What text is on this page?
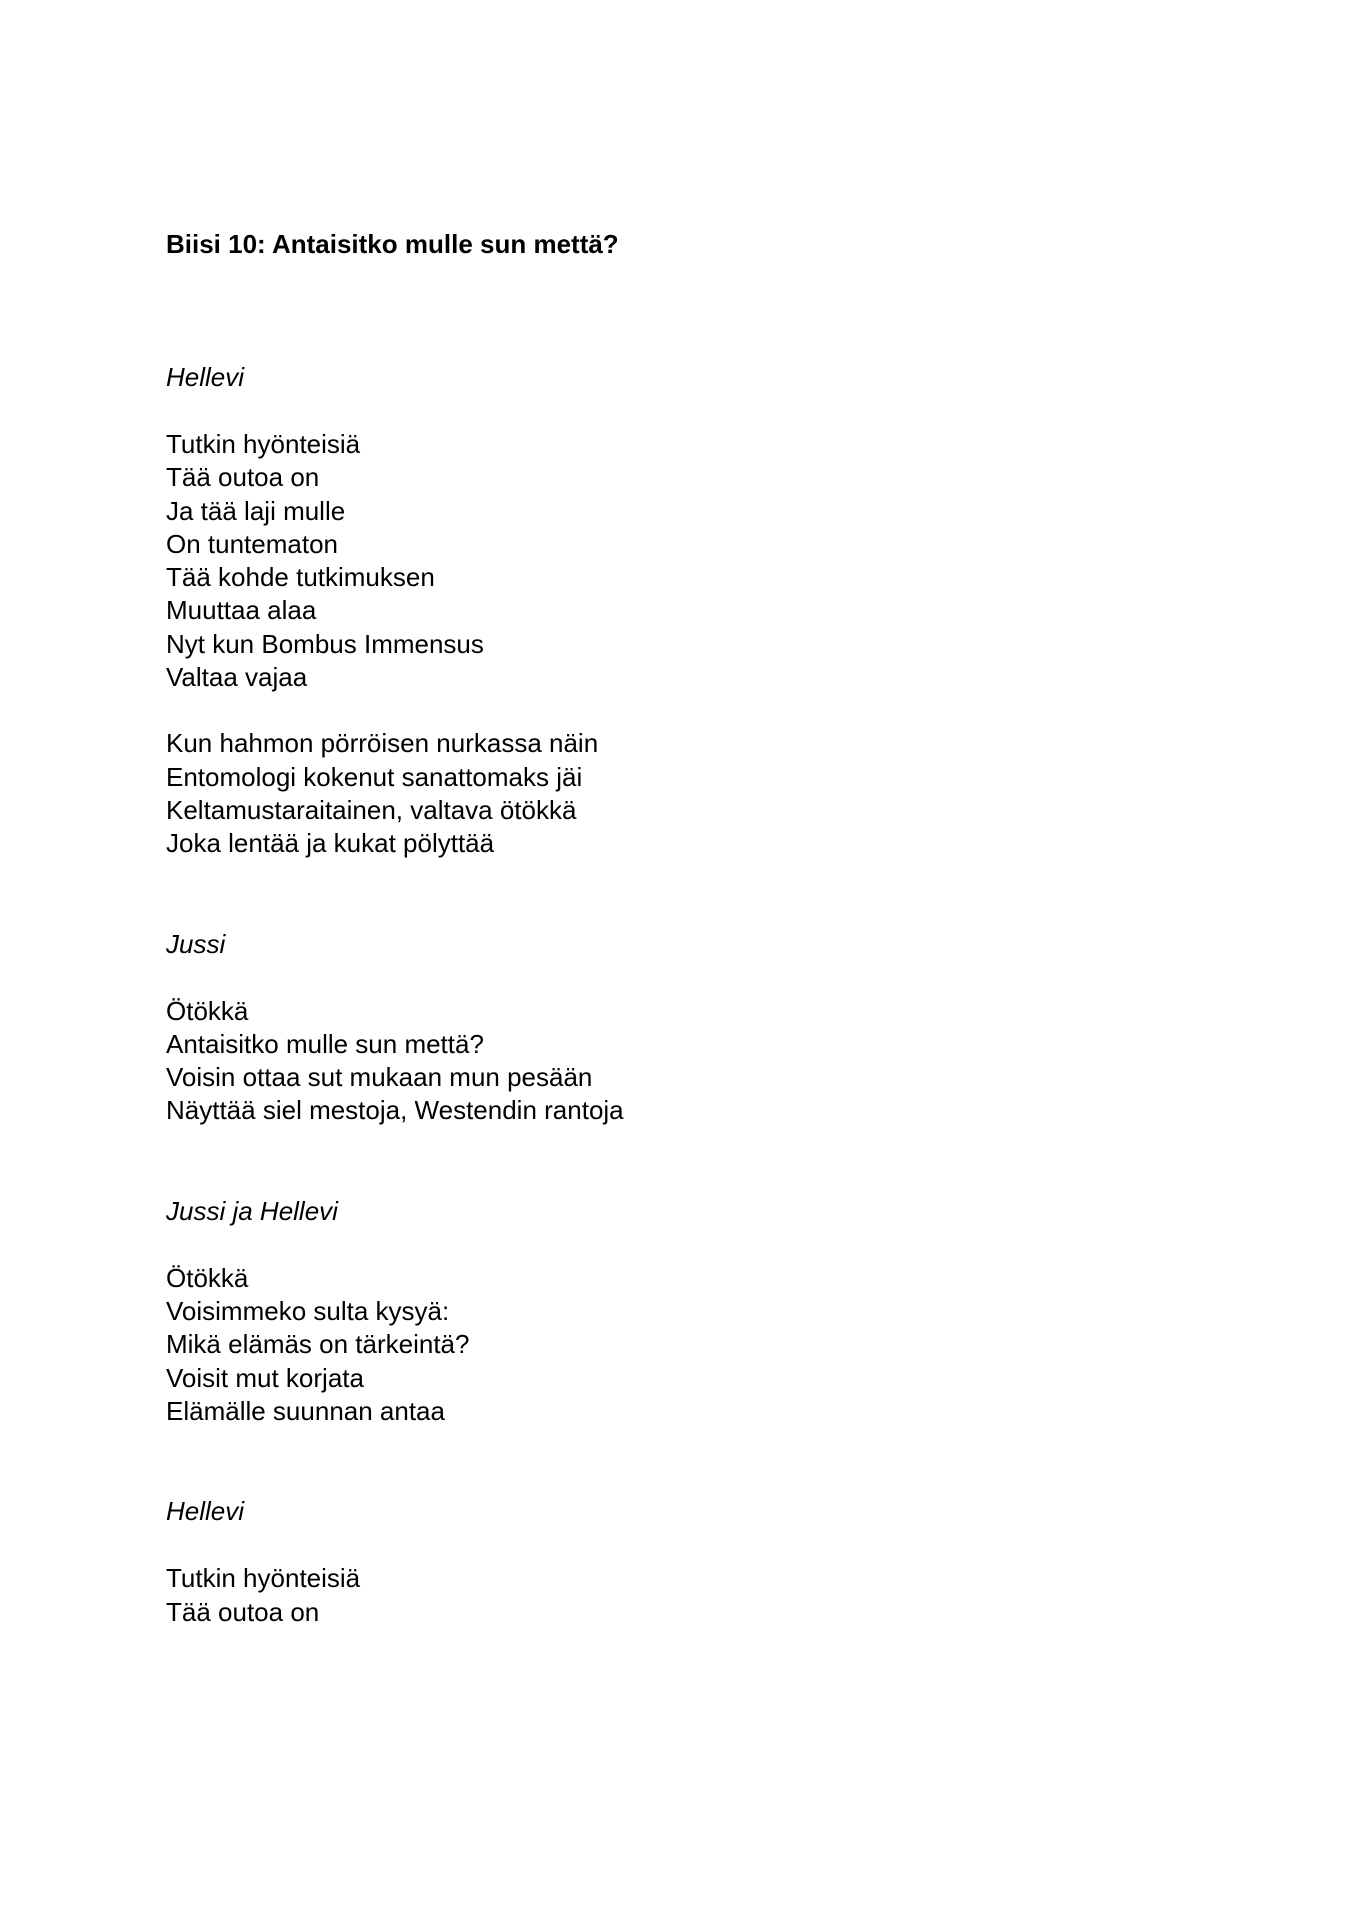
Biisi 10: Antaisitko mulle sun mettä?

Hellevi

Tutkin hyönteisiä

Tää outoa on

Ja tää laji mulle

On tuntematon

Tää kohde tutkimuksen

Muuttaa alaa

Nyt kun Bombus Immensus

Valtaa vajaa

Kun hahmon pörröisen nurkassa näin

Entomologi kokenut sanattomaks jäi

Keltamustaraitainen, valtava ötökkä

Joka lentää ja kukat pölyttää

Jussi

Ötökkä

Antaisitko mulle sun mettä?

Voisin ottaa sut mukaan mun pesään

Näyttää siel mestoja, Westendin rantoja

Jussi ja Hellevi

Ötökkä

Voisimmeko sulta kysyä:

Mikä elämäs on tärkeintä?

Voisit mut korjata

Elämälle suunnan antaa

Hellevi

Tutkin hyönteisiä

Tää outoa on
